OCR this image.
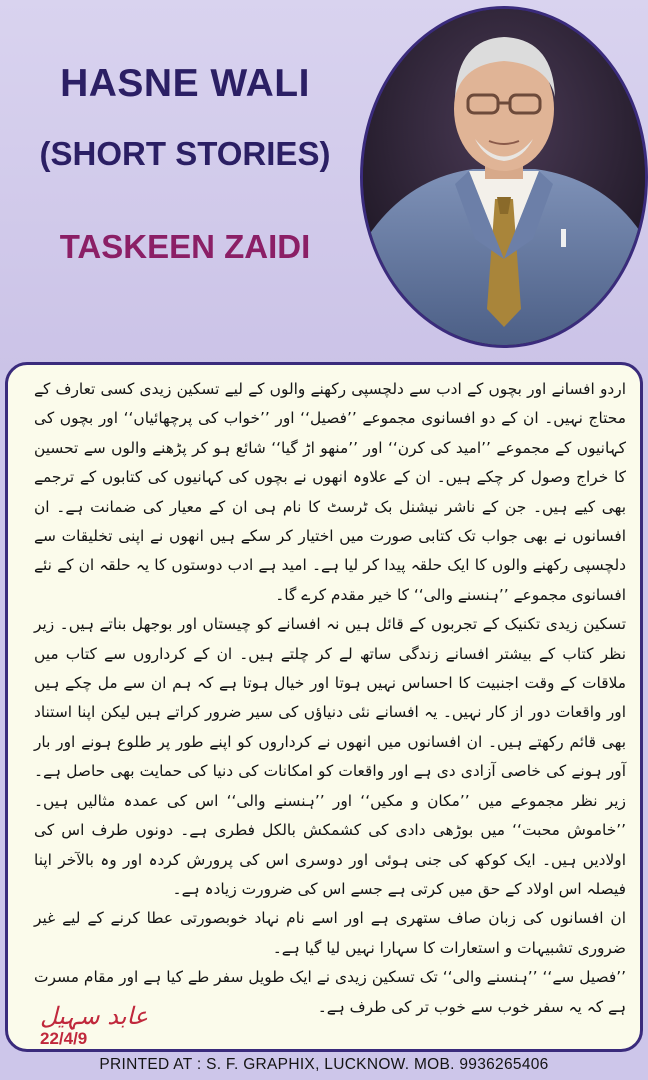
HASNE WALI
(SHORT STORIES)
TASKEEN ZAIDI

اردو افسانے اور بچوں کے ادب سے دلچسپی رکھنے والوں کے لیے تسکین زیدی کسی تعارف کے محتاج نہیں۔ ان کے دو افسانوی مجموعے ’’فصیل‘‘ اور ’’خواب کی پرچھائیاں‘‘ اور بچوں کی کہانیوں کے مجموعے ’’امید کی کرن‘‘ اور ’’منھو اڑ گیا‘‘ شائع ہو کر پڑھنے والوں سے تحسین کا خراج وصول کر چکے ہیں۔ ان کے علاوہ انھوں نے بچوں کی کہانیوں کی کتابوں کے ترجمے بھی کیے ہیں۔ جن کے ناشر نیشنل بک ٹرسٹ کا نام ہی ان کے معیار کی ضمانت ہے۔ ان افسانوں نے بھی جواب تک کتابی صورت میں اختیار کر سکے ہیں انھوں نے اپنی تخلیقات سے دلچسپی رکھنے والوں کا ایک حلقہ پیدا کر لیا ہے۔ امید ہے ادب دوستوں کا یہ حلقہ ان کے نئے افسانوی مجموعے ’’ہنسنے والی‘‘ کا خیر مقدم کرے گا۔

تسکین زیدی تکنیک کے تجربوں کے قائل ہیں نہ افسانے کو چیستاں اور بوجھل بناتے ہیں۔ زیر نظر کتاب کے بیشتر افسانے زندگی ساتھ لے کر چلتے ہیں۔ ان کے کرداروں سے کتاب میں ملاقات کے وقت اجنبیت کا احساس نہیں ہوتا اور خیال ہوتا ہے کہ ہم ان سے مل چکے ہیں اور واقعات دور از کار نہیں۔ یہ افسانے نئی دنیاؤں کی سیر ضرور کراتے ہیں لیکن اپنا استناد بھی قائم رکھتے ہیں۔ ان افسانوں میں انھوں نے کرداروں کو اپنے طور پر طلوع ہونے اور بار آور ہونے کی خاصی آزادی دی ہے اور واقعات کو امکانات کی دنیا کی حمایت بھی حاصل ہے۔ زیر نظر مجموعے میں ’’مکان و مکیں‘‘ اور ’’ہنسنے والی‘‘ اس کی عمدہ مثالیں ہیں۔ ’’خاموش محبت‘‘ میں بوڑھی دادی کی کشمکش بالکل فطری ہے۔ دونوں طرف اس کی اولادیں ہیں۔ ایک کوکھ کی جنی ہوئی اور دوسری اس کی پرورش کردہ اور وہ بالآخر اپنا فیصلہ اس اولاد کے حق میں کرتی ہے جسے اس کی ضرورت زیادہ ہے۔

ان افسانوں کی زبان صاف ستھری ہے اور اسے نام نہاد خوبصورتی عطا کرنے کے لیے غیر ضروری تشبیہات و استعارات کا سہارا نہیں لیا گیا ہے۔

’’فصیل سے‘‘ ’’ہنسنے والی‘‘ تک تسکین زیدی نے ایک طویل سفر طے کیا ہے اور مقام مسرت ہے کہ یہ سفر خوب سے خوب تر کی طرف ہے۔

عابد سہیل
22/4/9
PRINTED AT : S. F. GRAPHIX, LUCKNOW. MOB. 9936265406
